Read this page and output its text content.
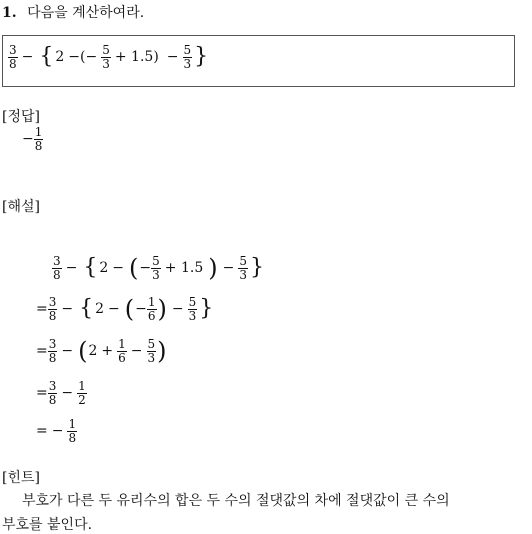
1. 다음을 계산하여라.
$\frac{3}{8}$ − { 2 −(− $\frac{5}{3} + 1.5) - \frac{5}{3}$ }
[정답]
− $\frac{1}{8}$
[해설]
$\frac{3}{8}$ − { 2 − ( − $\frac{5}{3} + 1.5$ ) − $\frac{5}{3}$ }
= $\frac{3}{8}$ − { 2 − ( − $\frac{1}{6}$ ) − $\frac{5}{3}$ }
= $\frac{3}{8}$ − ( $2 + \frac{1}{6} - \frac{5}{3}$ )
= $\frac{3}{8} - \frac{1}{2}$
= − $\frac{1}{8}$
[힌트]
부호가 다른 두 유리수의 합은 두 수의 절댓값의 차에 절댓값이 큰 수의
부호를 붙인다.
